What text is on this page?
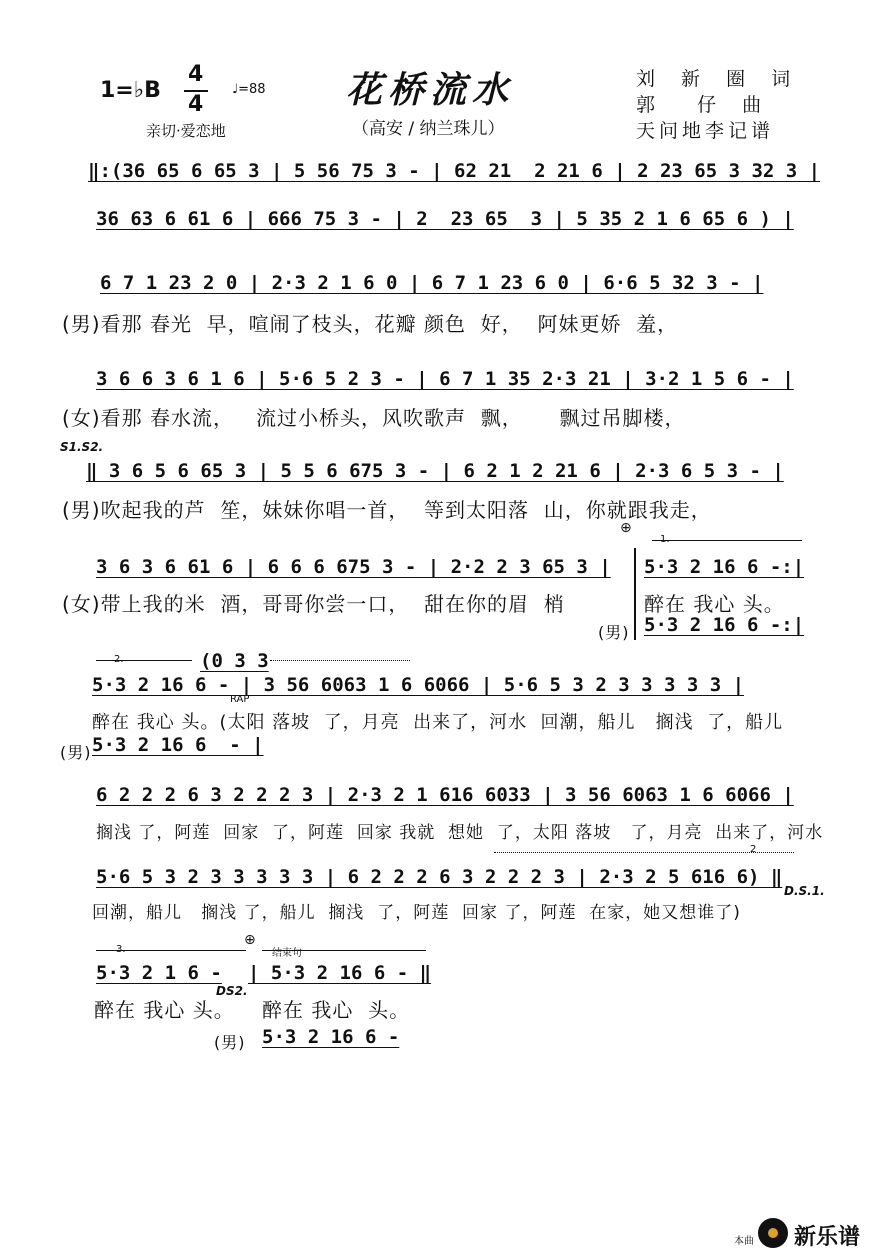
1=♭B
4
4
♩=88
亲切·爱恋地
花桥流水
（高安 / 纳兰珠儿）
刘 新 圈 词
郭  仔 曲
天问地李记谱
‖:(36 65 6 65 3 | 5 56 75 3 - | 62 21  2 21 6 | 2 23 65 3 32 3 |
36 63 6 61 6 | 666 75 3 - | 2  23 65  3 | 5 35 2 1 6 65 6 ) |
6 7 1 23 2 0 | 2·3 2 1 6 0 | 6 7 1 23 6 0 | 6·6 5 32 3 - |
(男)看那 春光  早，喧闹了枝头，花瓣 颜色  好，  阿妹更娇  羞，
3 6 6 3 6 1 6 | 5·6 5 2 3 - | 6 7 1 35 2·3 21 | 3·2 1 5 6 - |
(女)看那 春水流，   流过小桥头，风吹歌声  飘，     飘过吊脚楼，
S1.S2.
‖ 3 6 5 6 65 3 | 5 5 6 675 3 - | 6 2 1 2 21 6 | 2·3 6 5 3 - |
(男)吹起我的芦  笙，妹妹你唱一首，  等到太阳落  山，你就跟我走，
⊕
1.
3 6 3 6 61 6 | 6 6 6 675 3 - | 2·2 2 3 65 3 |
(女)带上我的米  酒，哥哥你尝一口，  甜在你的眉  梢
5·3 2 16 6 -:|
醉在 我心 头。
(男) 5·3 2 16 6 -:|
2.	(0 3 3
RAP
5·3 2 16 6 - | 3 56 6063 1 6 6066 | 5·6 5 3 2 3 3 3 3 3 |
醉在 我心 头。(太阳 落坡  了，月亮  出来了，河水  回潮，船儿   搁浅  了，船儿
(男) 5·3 2 16 6  - |
6 2 2 2 6 3 2 2 2 3 | 2·3 2 1 616 6033 | 3 56 6063 1 6 6066 |
搁浅 了，阿莲  回家  了，阿莲  回家 我就  想她  了，太阳 落坡   了，月亮  出来了，河水
2
5·6 5 3 2 3 3 3 3 3 | 6 2 2 2 6 3 2 2 2 3 | 2·3 2 5 616 6) ‖
回潮，船儿   搁浅 了，船儿  搁浅  了，阿莲  回家 了，阿莲  在家，她又想谁了)
D.S.1.
3.
⊕
结束句
5·3 2 1 6 -
醉在 我心 头。
DS2.
| 5·3 2 16 6 - ‖
醉在 我心  头。
(男) 5·3 2 16 6 -
本曲

新乐谱
